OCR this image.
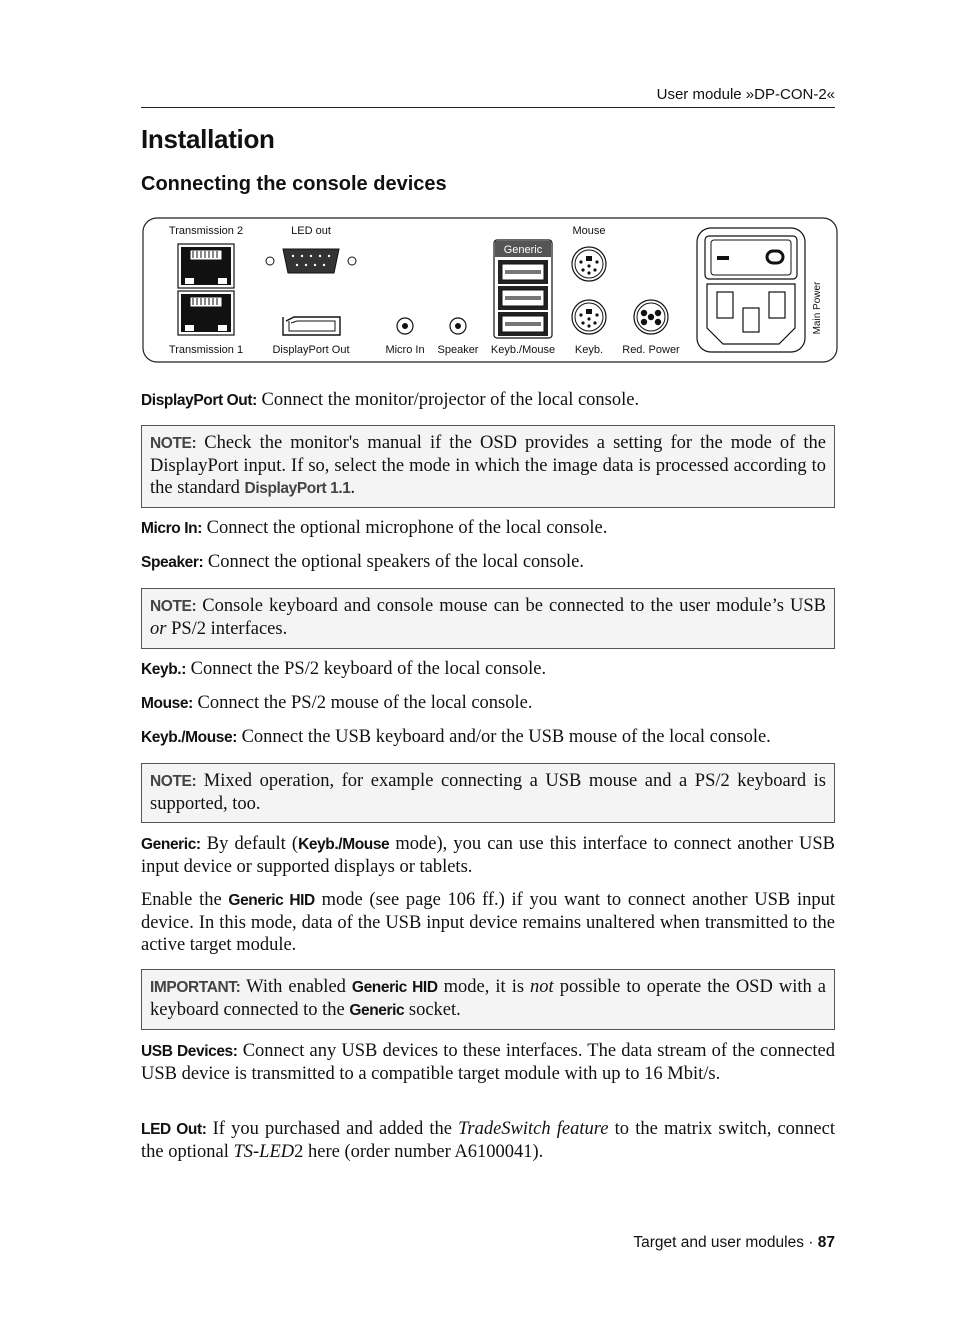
User module »DP-CON-2«
Installation
Connecting the console devices
Transmission 2
Transmission 1
LED out
DisplayPort Out	Micro In Speaker
Generic
Keyb./Mouse
Mouse
Keyb. Red. Power
Main Power
DisplayPort Out: Connect the monitor/projector of the local console.
NOTE: Check the monitor's manual if the OSD provides a setting for the mode of the DisplayPort input. If so, select the mode in which the image data is processed according to the standard DisplayPort 1.1.
Micro In: Connect the optional microphone of the local console.
Speaker: Connect the optional speakers of the local console.
NOTE: Console keyboard and console mouse can be connected to the user module’s USB or PS/2 interfaces.
Keyb.: Connect the PS/2 keyboard of the local console.
Mouse: Connect the PS/2 mouse of the local console.
Keyb./Mouse: Connect the USB keyboard and/or the USB mouse of the local console.
NOTE: Mixed operation, for example connecting a USB mouse and a PS/2 keyboard is supported, too.
Generic: By default (Keyb./Mouse mode), you can use this interface to connect another USB input device or supported displays or tablets.
Enable the Generic HID mode (see page 106 ff.) if you want to connect another USB input device. In this mode, data of the USB input device remains unaltered when transmitted to the active target module.
IMPORTANT: With enabled Generic HID mode, it is not possible to operate the OSD with a keyboard connected to the Generic socket.
USB Devices: Connect any USB devices to these interfaces. The data stream of the connected USB device is transmitted to a compatible target module with up to 16 Mbit/s.
LED Out: If you purchased and added the TradeSwitch feature to the matrix switch, connect the optional TS-LED2 here (order number A6100041).
Target and user modules · 87
